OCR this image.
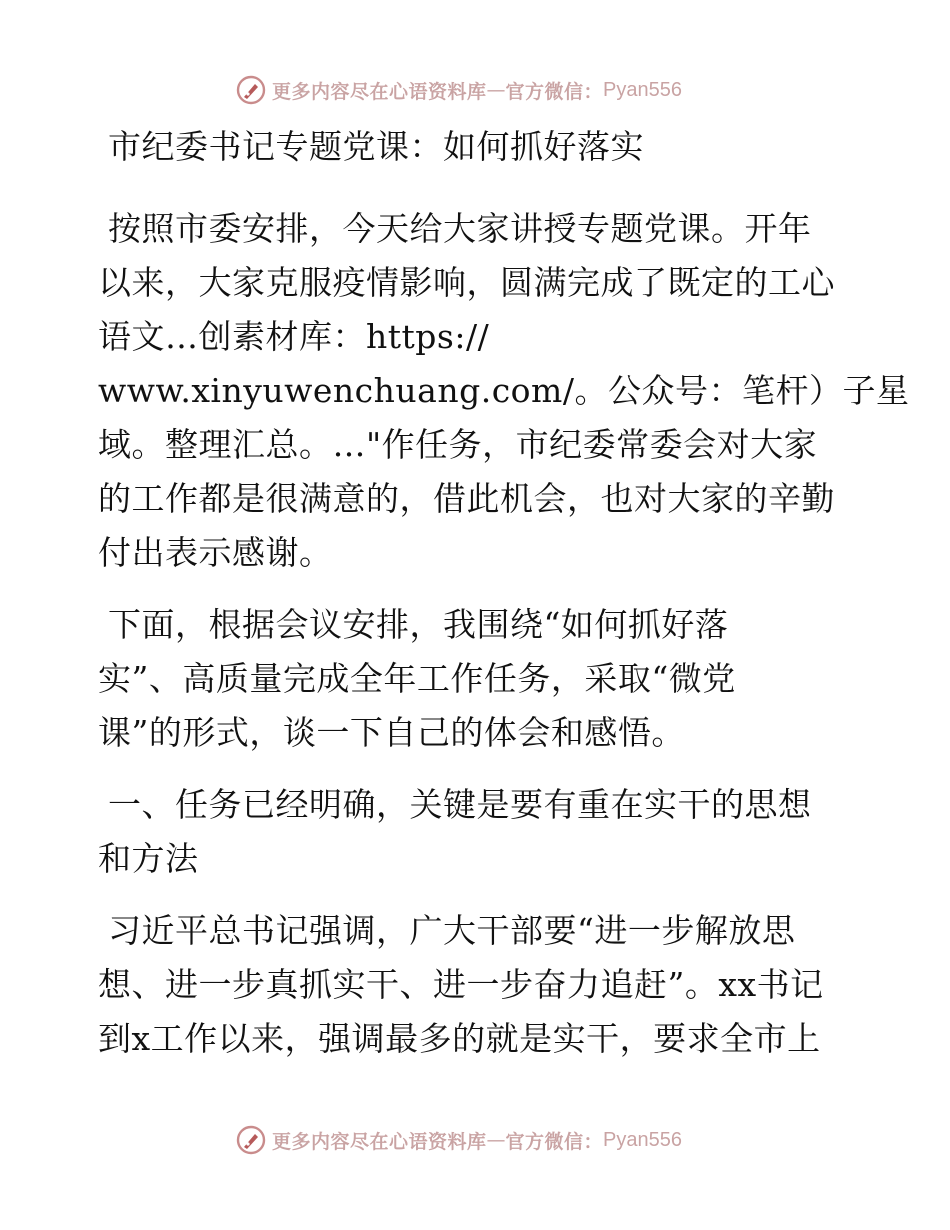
更多内容尽在心语资料库 — 官方微信： Pyan556
市纪委书记专题党课：如何抓好落实
按照市委安排，今天给大家讲授专题党课。开年
以来，大家克服疫情影响，圆满完成了既定的工心
语文…创素材库：https://
www.xinyuwenchuang.com/。公众号：笔杆）子星
域。整理汇总。…"作任务，市纪委常委会对大家
的工作都是很满意的，借此机会，也对大家的辛勤
付出表示感谢。
下面，根据会议安排，我围绕“如何抓好落
实”、高质量完成全年工作任务，采取“微党
课”的形式，谈一下自己的体会和感悟。
一、任务已经明确，关键是要有重在实干的思想
和方法
习近平总书记强调，广大干部要“进一步解放思
想、进一步真抓实干、进一步奋力追赶”。xx书记
到x工作以来，强调最多的就是实干，要求全市上
更多内容尽在心语资料库 — 官方微信： Pyan556
